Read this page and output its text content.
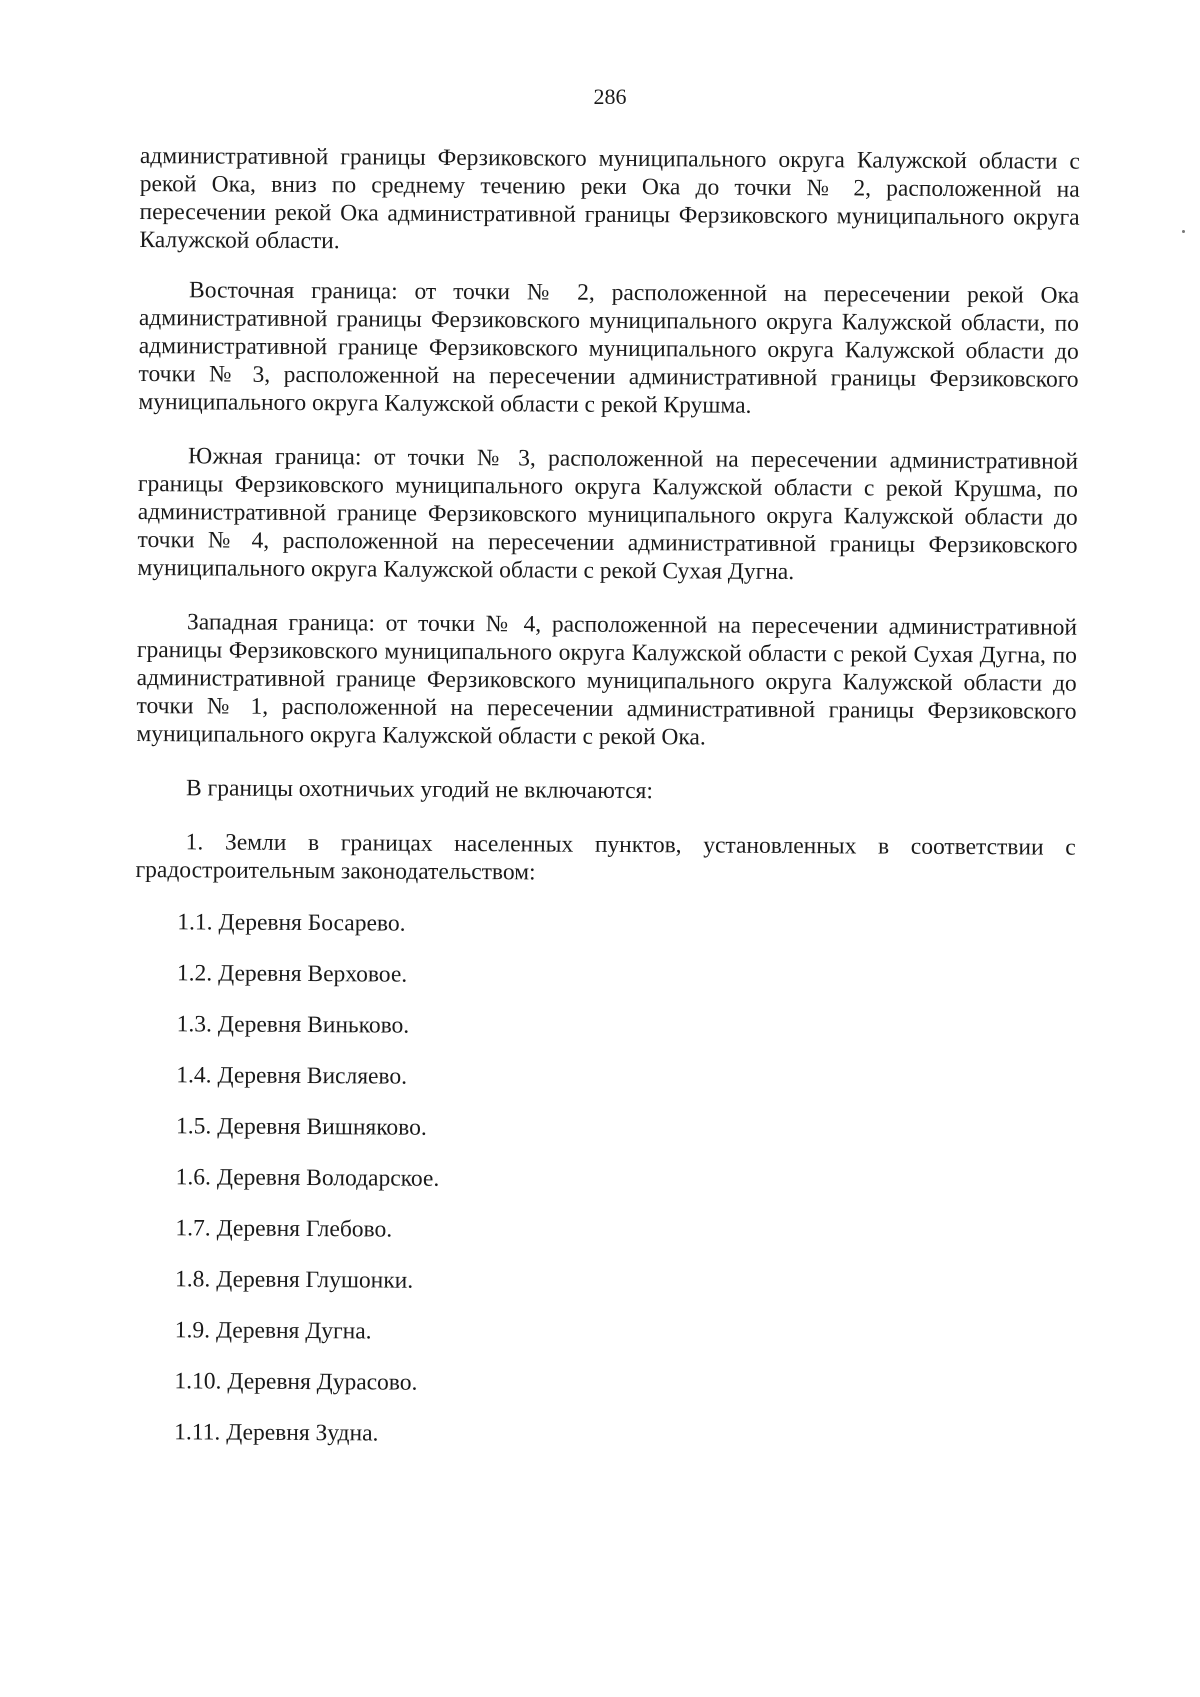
286

административной границы Ферзиковского муниципального округа Калужской области с рекой Ока, вниз по среднему течению реки Ока до точки № 2, расположенной на пересечении рекой Ока административной границы Ферзиковского муниципального округа Калужской области.

Восточная граница: от точки № 2, расположенной на пересечении рекой Ока административной границы Ферзиковского муниципального округа Калужской области, по административной границе Ферзиковского муниципального округа Калужской области до точки № 3, расположенной на пересечении административной границы Ферзиковского муниципального округа Калужской области с рекой Крушма.

Южная граница: от точки № 3, расположенной на пересечении административной границы Ферзиковского муниципального округа Калужской области с рекой Крушма, по административной границе Ферзиковского муниципального округа Калужской области до точки № 4, расположенной на пересечении административной границы Ферзиковского муниципального округа Калужской области с рекой Сухая Дугна.

Западная граница: от точки № 4, расположенной на пересечении административной границы Ферзиковского муниципального округа Калужской области с рекой Сухая Дугна, по административной границе Ферзиковского муниципального округа Калужской области до точки № 1, расположенной на пересечении административной границы Ферзиковского муниципального округа Калужской области с рекой Ока.

В границы охотничьих угодий не включаются:

1. Земли в границах населенных пунктов, установленных в соответствии с градостроительным законодательством:

1.1. Деревня Босарево.
1.2. Деревня Верховое.
1.3. Деревня Виньково.
1.4. Деревня Висляево.
1.5. Деревня Вишняково.
1.6. Деревня Володарское.
1.7. Деревня Глебово.
1.8. Деревня Глушонки.
1.9. Деревня Дугна.
1.10. Деревня Дурасово.
1.11. Деревня Зудна.
